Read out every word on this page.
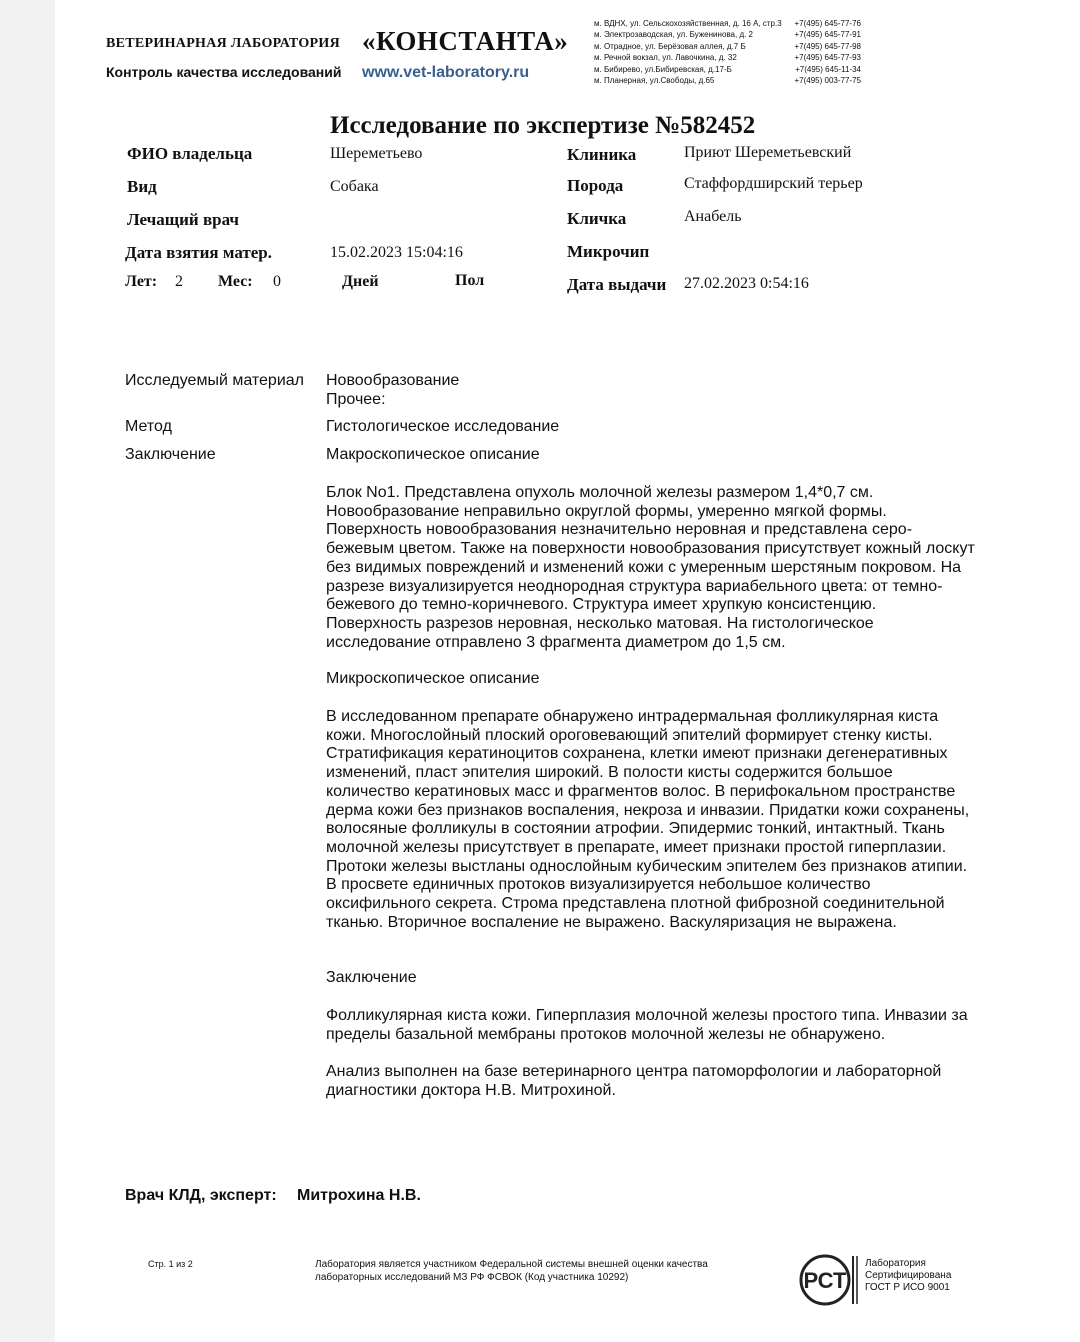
ВЕТЕРИНАРНАЯ ЛАБОРАТОРИЯ «КОНСТАНТА»
Контроль качества исследований www.vet-laboratory.ru
м. ВДНХ, ул. Сельскохозяйственная, д. 16 А, стр.3	+7(495) 645-77-76
м. Электрозаводская, ул. Буженинова, д. 2	+7(495) 645-77-91
м. Отрадное, ул. Берёзовая аллея, д.7 Б	+7(495) 645-77-98
м. Речной вокзал, ул. Лавочкина, д. 32	+7(495) 645-77-93
м. Бибирево, ул.Бибиревская, д.17-Б	+7(495) 645-11-34
м. Планерная, ул.Свободы, д.65	+7(495) 003-77-75
Исследование по экспертизе №582452
ФИО владельца	Шереметьево
Вид	Собака
Лечащий врач
Дата взятия матер.	15.02.2023 15:04:16
Лет: 2 Мес: 0	Дней	Пол
Клиника	Приют Шереметьевский
Порода	Стаффордширский терьер
Кличка	Анабель
Микрочип
Дата выдачи 27.02.2023 0:54:16
Исследуемый материал Новообразование
Прочее:
Метод	Гистологическое исследование
Заключение	Макроскопическое описание

Блок No1. Представлена опухоль молочной железы размером 1,4*0,7 см. Новообразование неправильно округлой формы, умеренно мягкой формы. Поверхность новообразования незначительно неровная и представлена серо-бежевым цветом. Также на поверхности новообразования присутствует кожный лоскут без видимых повреждений и изменений кожи с умеренным шерстяным покровом. На разрезе визуализируется неоднородная структура вариабельного цвета: от темно-бежевого до темно-коричневого. Структура имеет хрупкую консистенцию. Поверхность разрезов неровная, несколько матовая. На гистологическое исследование отправлено 3 фрагмента диаметром до 1,5 см.

Микроскопическое описание

В исследованном препарате обнаружено интрадермальная фолликулярная киста кожи. Многослойный плоский ороговевающий эпителий формирует стенку кисты. Стратификация кератиноцитов сохранена, клетки имеют признаки дегенеративных изменений, пласт эпителия широкий. В полости кисты содержится большое количество кератиновых масс и фрагментов волос. В перифокальном пространстве дерма кожи без признаков воспаления, некроза и инвазии. Придатки кожи сохранены, волосяные фолликулы в состоянии атрофии. Эпидермис тонкий, интактный. Ткань молочной железы присутствует в препарате, имеет признаки простой гиперплазии. Протоки железы выстланы однослойным кубическим эпителем без признаков атипии. В просвете единичных протоков визуализируется небольшое количество оксифильного секрета. Строма представлена плотной фиброзной соединительной тканью. Вторичное воспаление не выражено. Васкуляризация не выражена.

Заключение

Фолликулярная киста кожи. Гиперплазия молочной железы простого типа. Инвазии за пределы базальной мембраны протоков молочной железы не обнаружено.

Анализ выполнен на базе ветеринарного центра патоморфологии и лабораторной диагностики доктора Н.В. Митрохиной.

Врач КЛД, эксперт: Митрохина Н.В.
Стр. 1 из 2	Лаборатория является участником Федеральной системы внешней оценки качества лабораторных исследований МЗ РФ ФСВОК (Код участника 10292)	РСТ
Лаборатория
Сертифицирована
ГОСТ Р ИСО 9001
